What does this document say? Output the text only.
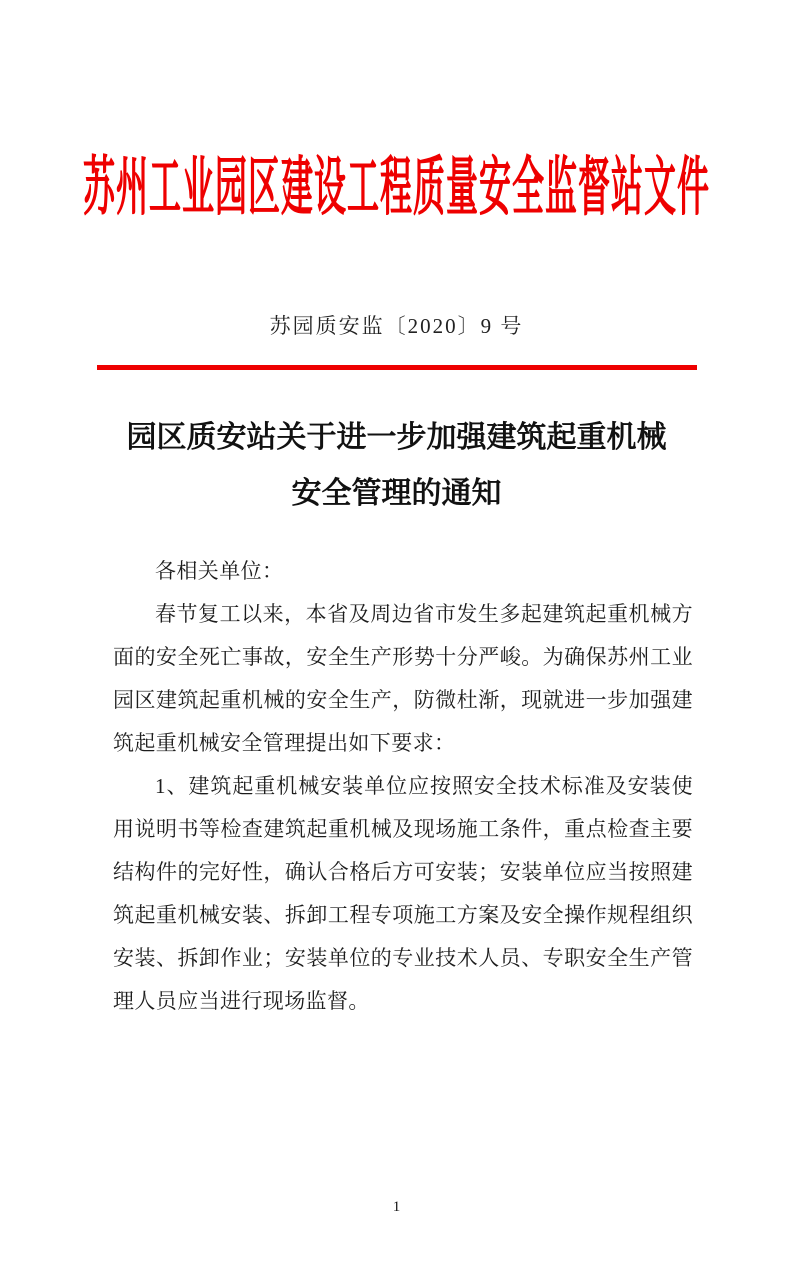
苏州工业园区建设工程质量安全监督站文件
苏园质安监〔2020〕9 号
园区质安站关于进一步加强建筑起重机械
安全管理的通知

各相关单位：

春节复工以来，本省及周边省市发生多起建筑起重机械方面的安全死亡事故，安全生产形势十分严峻。为确保苏州工业园区建筑起重机械的安全生产，防微杜渐，现就进一步加强建筑起重机械安全管理提出如下要求：

1、建筑起重机械安装单位应按照安全技术标准及安装使用说明书等检查建筑起重机械及现场施工条件，重点检查主要结构件的完好性，确认合格后方可安装；安装单位应当按照建筑起重机械安装、拆卸工程专项施工方案及安全操作规程组织安装、拆卸作业；安装单位的专业技术人员、专职安全生产管理人员应当进行现场监督。

1
